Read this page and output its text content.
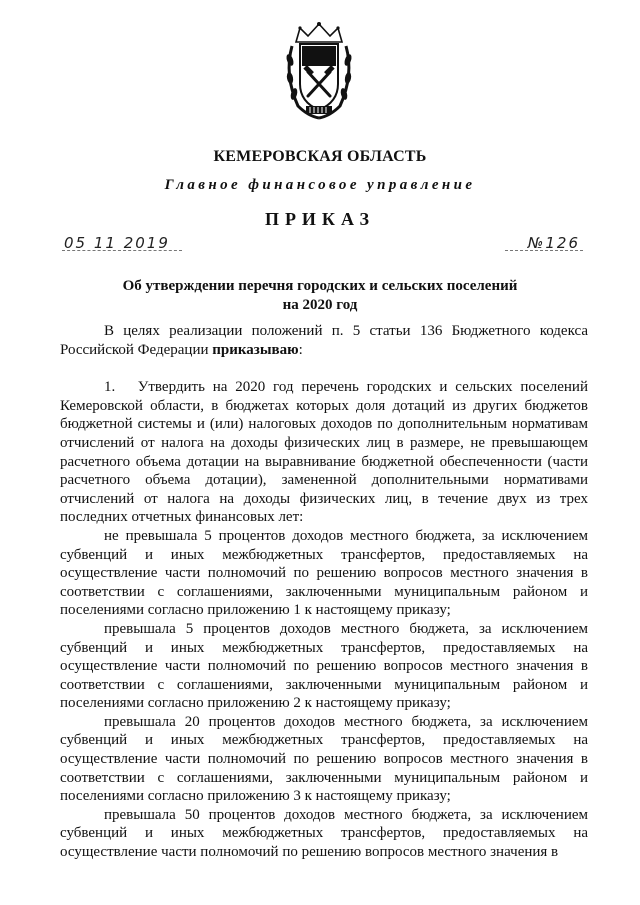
КЕМЕРОВСКАЯ ОБЛАСТЬ
Главное финансовое управление
ПРИКАЗ
05 11 2019	№126
Об утверждении перечня городских и сельских поселений
на 2020 год

В целях реализации положений п. 5 статьи 136 Бюджетного кодекса Российской Федерации приказываю:

1.  Утвердить на 2020 год перечень городских и сельских поселений Кемеровской области, в бюджетах которых доля дотаций из других бюджетов бюджетной системы и (или) налоговых доходов по дополнительным нормативам отчислений от налога на доходы физических лиц в размере, не превышающем расчетного объема дотации на выравнивание бюджетной обеспеченности (части расчетного объема дотации), замененной дополнительными нормативами отчислений от налога на доходы физических лиц, в течение двух из трех последних отчетных финансовых лет:

не превышала 5 процентов доходов местного бюджета, за исключением субвенций и иных межбюджетных трансфертов, предоставляемых на осуществление части полномочий по решению вопросов местного значения в соответствии с соглашениями, заключенными муниципальным районом и поселениями согласно приложению 1 к настоящему приказу;

превышала 5 процентов доходов местного бюджета, за исключением субвенций и иных межбюджетных трансфертов, предоставляемых на осуществление части полномочий по решению вопросов местного значения в соответствии с соглашениями, заключенными муниципальным районом и поселениями согласно приложению 2 к настоящему приказу;

превышала 20 процентов доходов местного бюджета, за исключением субвенций и иных межбюджетных трансфертов, предоставляемых на осуществление части полномочий по решению вопросов местного значения в соответствии с соглашениями, заключенными муниципальным районом и поселениями согласно приложению 3 к настоящему приказу;

превышала 50 процентов доходов местного бюджета, за исключением субвенций и иных межбюджетных трансфертов, предоставляемых на осуществление части полномочий по решению вопросов местного значения в
